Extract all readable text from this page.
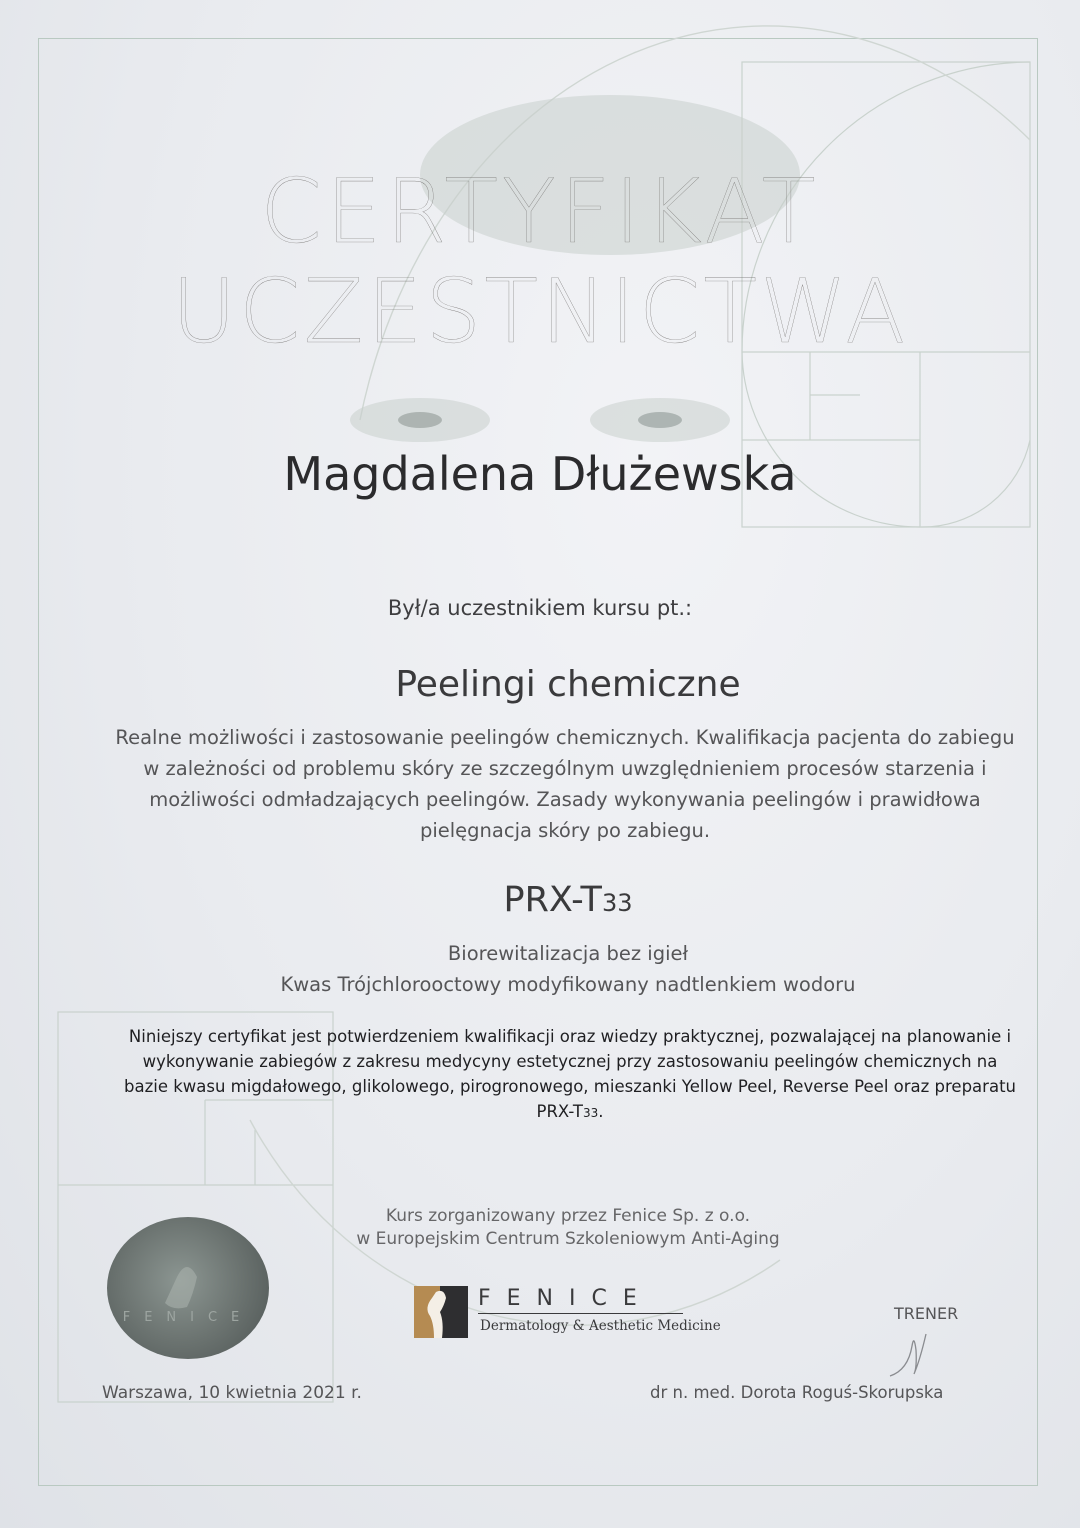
CERTYFIKAT
UCZESTNICTWA
Magdalena Dłużewska
Był/a uczestnikiem kursu pt.:
Peelingi chemiczne
Realne możliwości i zastosowanie peelingów chemicznych. Kwalifikacja pacjenta do zabiegu w zależności od problemu skóry ze szczególnym uwzględnieniem procesów starzenia i możliwości odmładzających peelingów. Zasady wykonywania peelingów i prawidłowa pielęgnacja skóry po zabiegu.
PRX-T33
Biorewitalizacja bez igieł
Kwas Trójchlorooctowy modyfikowany nadtlenkiem wodoru
Niniejszy certyfikat jest potwierdzeniem kwalifikacji oraz wiedzy praktycznej, pozwalającej na planowanie i wykonywanie zabiegów z zakresu medycyny estetycznej przy zastosowaniu peelingów chemicznych na bazie kwasu migdałowego, glikolowego, pirogronowego, mieszanki Yellow Peel, Reverse Peel oraz preparatu PRX-T33.
Kurs zorganizowany przez Fenice Sp. z o.o.
w Europejskim Centrum Szkoleniowym Anti-Aging
FENICE
FENICE
Dermatology & Aesthetic Medicine
TRENER
Warszawa, 10 kwietnia 2021 r.	dr n. med. Dorota Roguś-Skorupska
